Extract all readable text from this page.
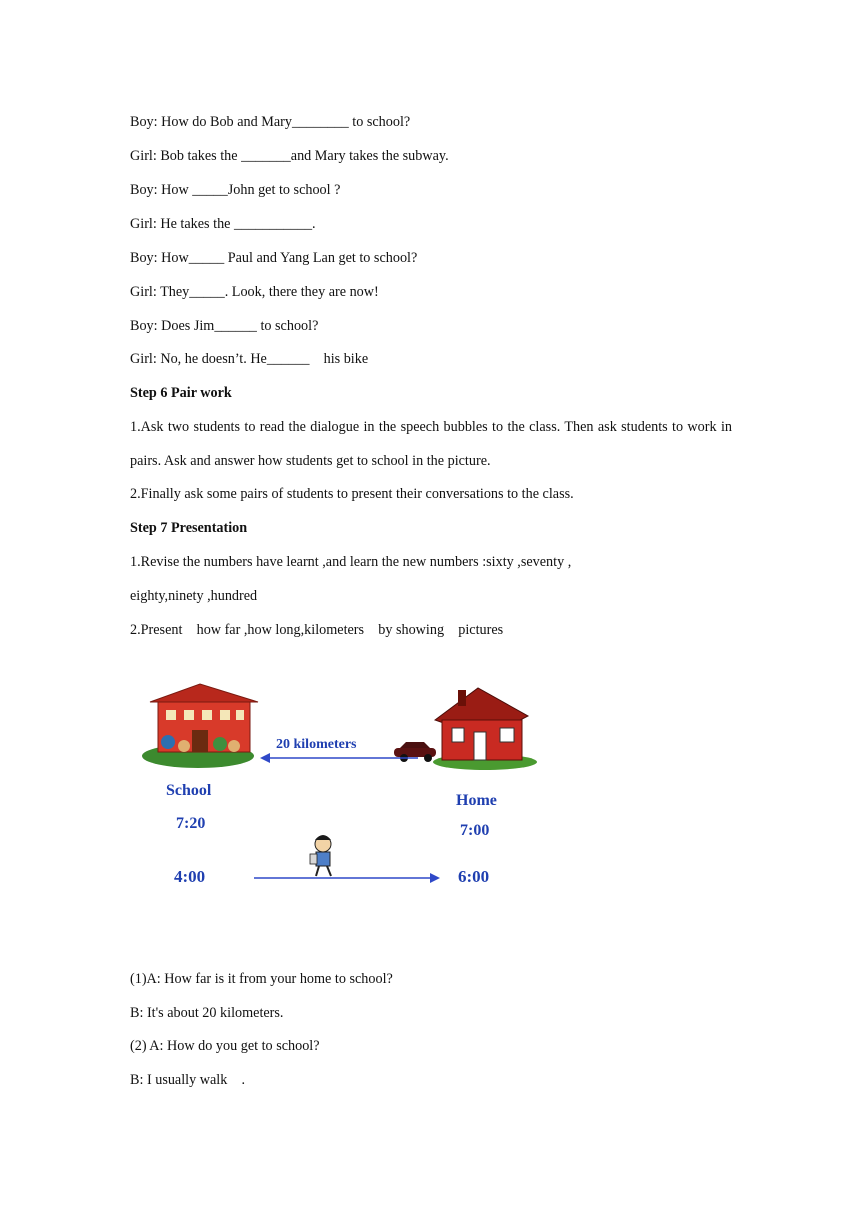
Boy: How do Bob and Mary________ to school?
Girl: Bob takes the _______and Mary takes the subway.
Boy: How _____John get to school ?
Girl: He takes the ___________.
Boy: How_____ Paul and Yang Lan get to school?
Girl: They_____. Look, there they are now!
Boy: Does Jim______ to school?
Girl: No, he doesn’t. He______    his bike
Step 6 Pair work
1.Ask two students to read the dialogue in the speech bubbles to the class. Then ask students to work in pairs. Ask and answer how students get to school in the picture.
2.Finally ask some pairs of students to present their conversations to the class.
Step 7 Presentation
1.Revise the numbers have learnt ,and learn the new numbers :sixty ,seventy ,
eighty,ninety ,hundred
2.Present    how far ,how long,kilometers    by showing    pictures
20 kilometers
School
7:20
Home
7:00
4:00	6:00
(1)A: How far is it from your home to school?
B: It's about 20 kilometers.
(2) A: How do you get to school?
B: I usually walk    .
